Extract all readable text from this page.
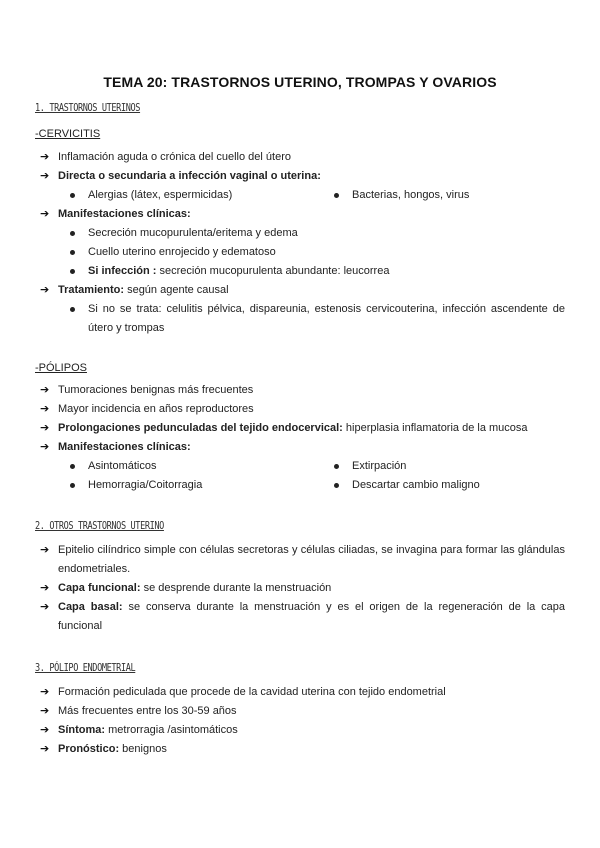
TEMA 20: TRASTORNOS UTERINO, TROMPAS Y OVARIOS
1. TRASTORNOS UTERINOS
-CERVICITIS
➔ Inflamación aguda o crónica del cuello del útero
➔ Directa o secundaria a infección vaginal o uterina:
Alergias (látex, espermicidas)	Bacterias, hongos, virus
➔ Manifestaciones clínicas:
Secreción mucopurulenta/eritema y edema
Cuello uterino enrojecido y edematoso
Si infección : secreción mucopurulenta abundante: leucorrea
➔ Tratamiento: según agente causal
Si no se trata: celulitis pélvica, dispareunia, estenosis cervicouterina, infección ascendente de útero y trompas
-PÓLIPOS
➔ Tumoraciones benignas más frecuentes
➔ Mayor incidencia en años reproductores
➔ Prolongaciones pedunculadas del tejido endocervical: hiperplasia inflamatoria de la mucosa
➔ Manifestaciones clínicas:
Asintomáticos	Extirpación
Hemorragia/Coitorragia	Descartar cambio maligno
2. OTROS TRASTORNOS UTERINO
➔ Epitelio cilíndrico simple con células secretoras y células ciliadas, se invagina para formar las glándulas endometriales.
➔ Capa funcional: se desprende durante la menstruación
➔ Capa basal: se conserva durante la menstruación y es el origen de la regeneración de la capa funcional
3. PÓLIPO ENDOMETRIAL
➔ Formación pediculada que procede de la cavidad uterina con tejido endometrial
➔ Más frecuentes entre los 30-59 años
➔ Síntoma: metrorragia /asintomáticos
➔ Pronóstico: benignos
